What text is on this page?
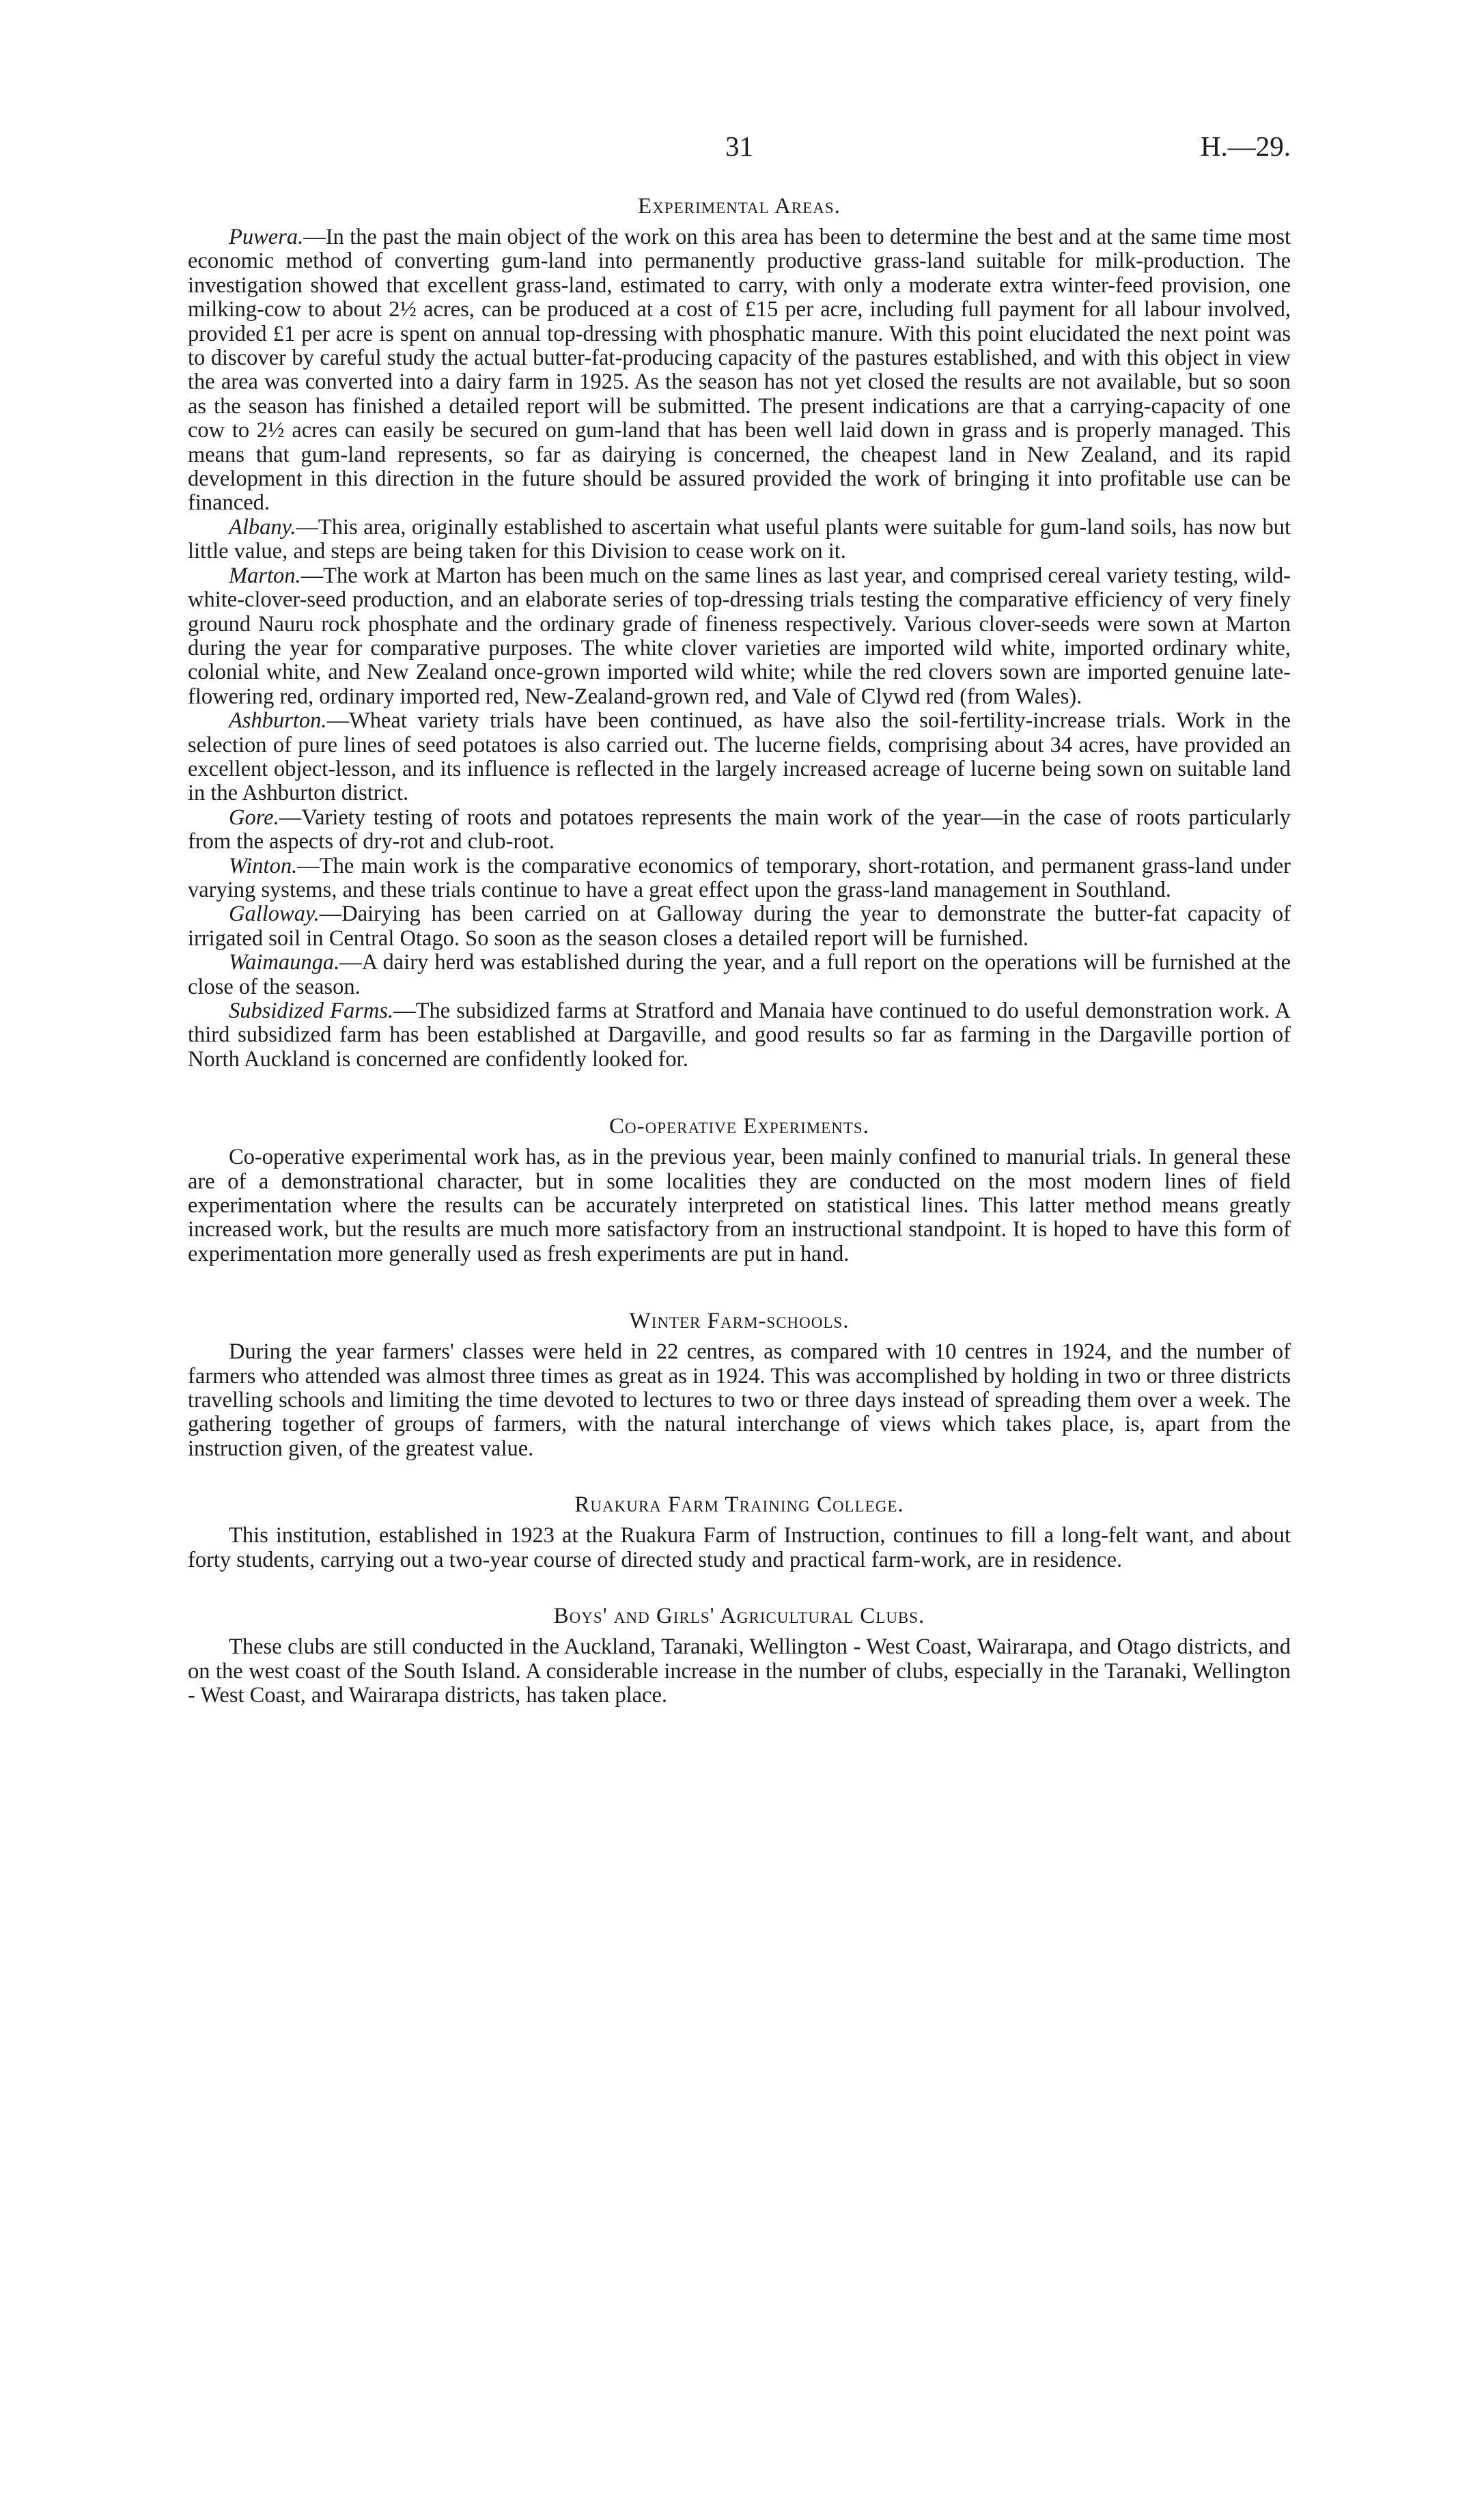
31	H.—29.
Experimental Areas.

Puwera.—In the past the main object of the work on this area has been to determine the best and at the same time most economic method of converting gum-land into permanently productive grass-land suitable for milk-production. The investigation showed that excellent grass-land, estimated to carry, with only a moderate extra winter-feed provision, one milking-cow to about 2½ acres, can be produced at a cost of £15 per acre, including full payment for all labour involved, provided £1 per acre is spent on annual top-dressing with phosphatic manure. With this point elucidated the next point was to discover by careful study the actual butter-fat-producing capacity of the pastures established, and with this object in view the area was converted into a dairy farm in 1925. As the season has not yet closed the results are not available, but so soon as the season has finished a detailed report will be submitted. The present indications are that a carrying-capacity of one cow to 2½ acres can easily be secured on gum-land that has been well laid down in grass and is properly managed. This means that gum-land represents, so far as dairying is concerned, the cheapest land in New Zealand, and its rapid development in this direction in the future should be assured provided the work of bringing it into profitable use can be financed.

Albany.—This area, originally established to ascertain what useful plants were suitable for gum-land soils, has now but little value, and steps are being taken for this Division to cease work on it.

Marton.—The work at Marton has been much on the same lines as last year, and comprised cereal variety testing, wild-white-clover-seed production, and an elaborate series of top-dressing trials testing the comparative efficiency of very finely ground Nauru rock phosphate and the ordinary grade of fineness respectively. Various clover-seeds were sown at Marton during the year for comparative purposes. The white clover varieties are imported wild white, imported ordinary white, colonial white, and New Zealand once-grown imported wild white; while the red clovers sown are imported genuine late-flowering red, ordinary imported red, New-Zealand-grown red, and Vale of Clywd red (from Wales).

Ashburton.—Wheat variety trials have been continued, as have also the soil-fertility-increase trials. Work in the selection of pure lines of seed potatoes is also carried out. The lucerne fields, comprising about 34 acres, have provided an excellent object-lesson, and its influence is reflected in the largely increased acreage of lucerne being sown on suitable land in the Ashburton district.

Gore.—Variety testing of roots and potatoes represents the main work of the year—in the case of roots particularly from the aspects of dry-rot and club-root.

Winton.—The main work is the comparative economics of temporary, short-rotation, and permanent grass-land under varying systems, and these trials continue to have a great effect upon the grass-land management in Southland.

Galloway.—Dairying has been carried on at Galloway during the year to demonstrate the butter-fat capacity of irrigated soil in Central Otago. So soon as the season closes a detailed report will be furnished.

Waimaunga.—A dairy herd was established during the year, and a full report on the operations will be furnished at the close of the season.

Subsidized Farms.—The subsidized farms at Stratford and Manaia have continued to do useful demonstration work. A third subsidized farm has been established at Dargaville, and good results so far as farming in the Dargaville portion of North Auckland is concerned are confidently looked for.

Co-operative Experiments.

Co-operative experimental work has, as in the previous year, been mainly confined to manurial trials. In general these are of a demonstrational character, but in some localities they are conducted on the most modern lines of field experimentation where the results can be accurately interpreted on statistical lines. This latter method means greatly increased work, but the results are much more satisfactory from an instructional standpoint. It is hoped to have this form of experimentation more generally used as fresh experiments are put in hand.

Winter Farm-schools.

During the year farmers' classes were held in 22 centres, as compared with 10 centres in 1924, and the number of farmers who attended was almost three times as great as in 1924. This was accomplished by holding in two or three districts travelling schools and limiting the time devoted to lectures to two or three days instead of spreading them over a week. The gathering together of groups of farmers, with the natural interchange of views which takes place, is, apart from the instruction given, of the greatest value.

Ruakura Farm Training College.

This institution, established in 1923 at the Ruakura Farm of Instruction, continues to fill a long-felt want, and about forty students, carrying out a two-year course of directed study and practical farm-work, are in residence.

Boys' and Girls' Agricultural Clubs.

These clubs are still conducted in the Auckland, Taranaki, Wellington - West Coast, Wairarapa, and Otago districts, and on the west coast of the South Island. A considerable increase in the number of clubs, especially in the Taranaki, Wellington - West Coast, and Wairarapa districts, has taken place.
